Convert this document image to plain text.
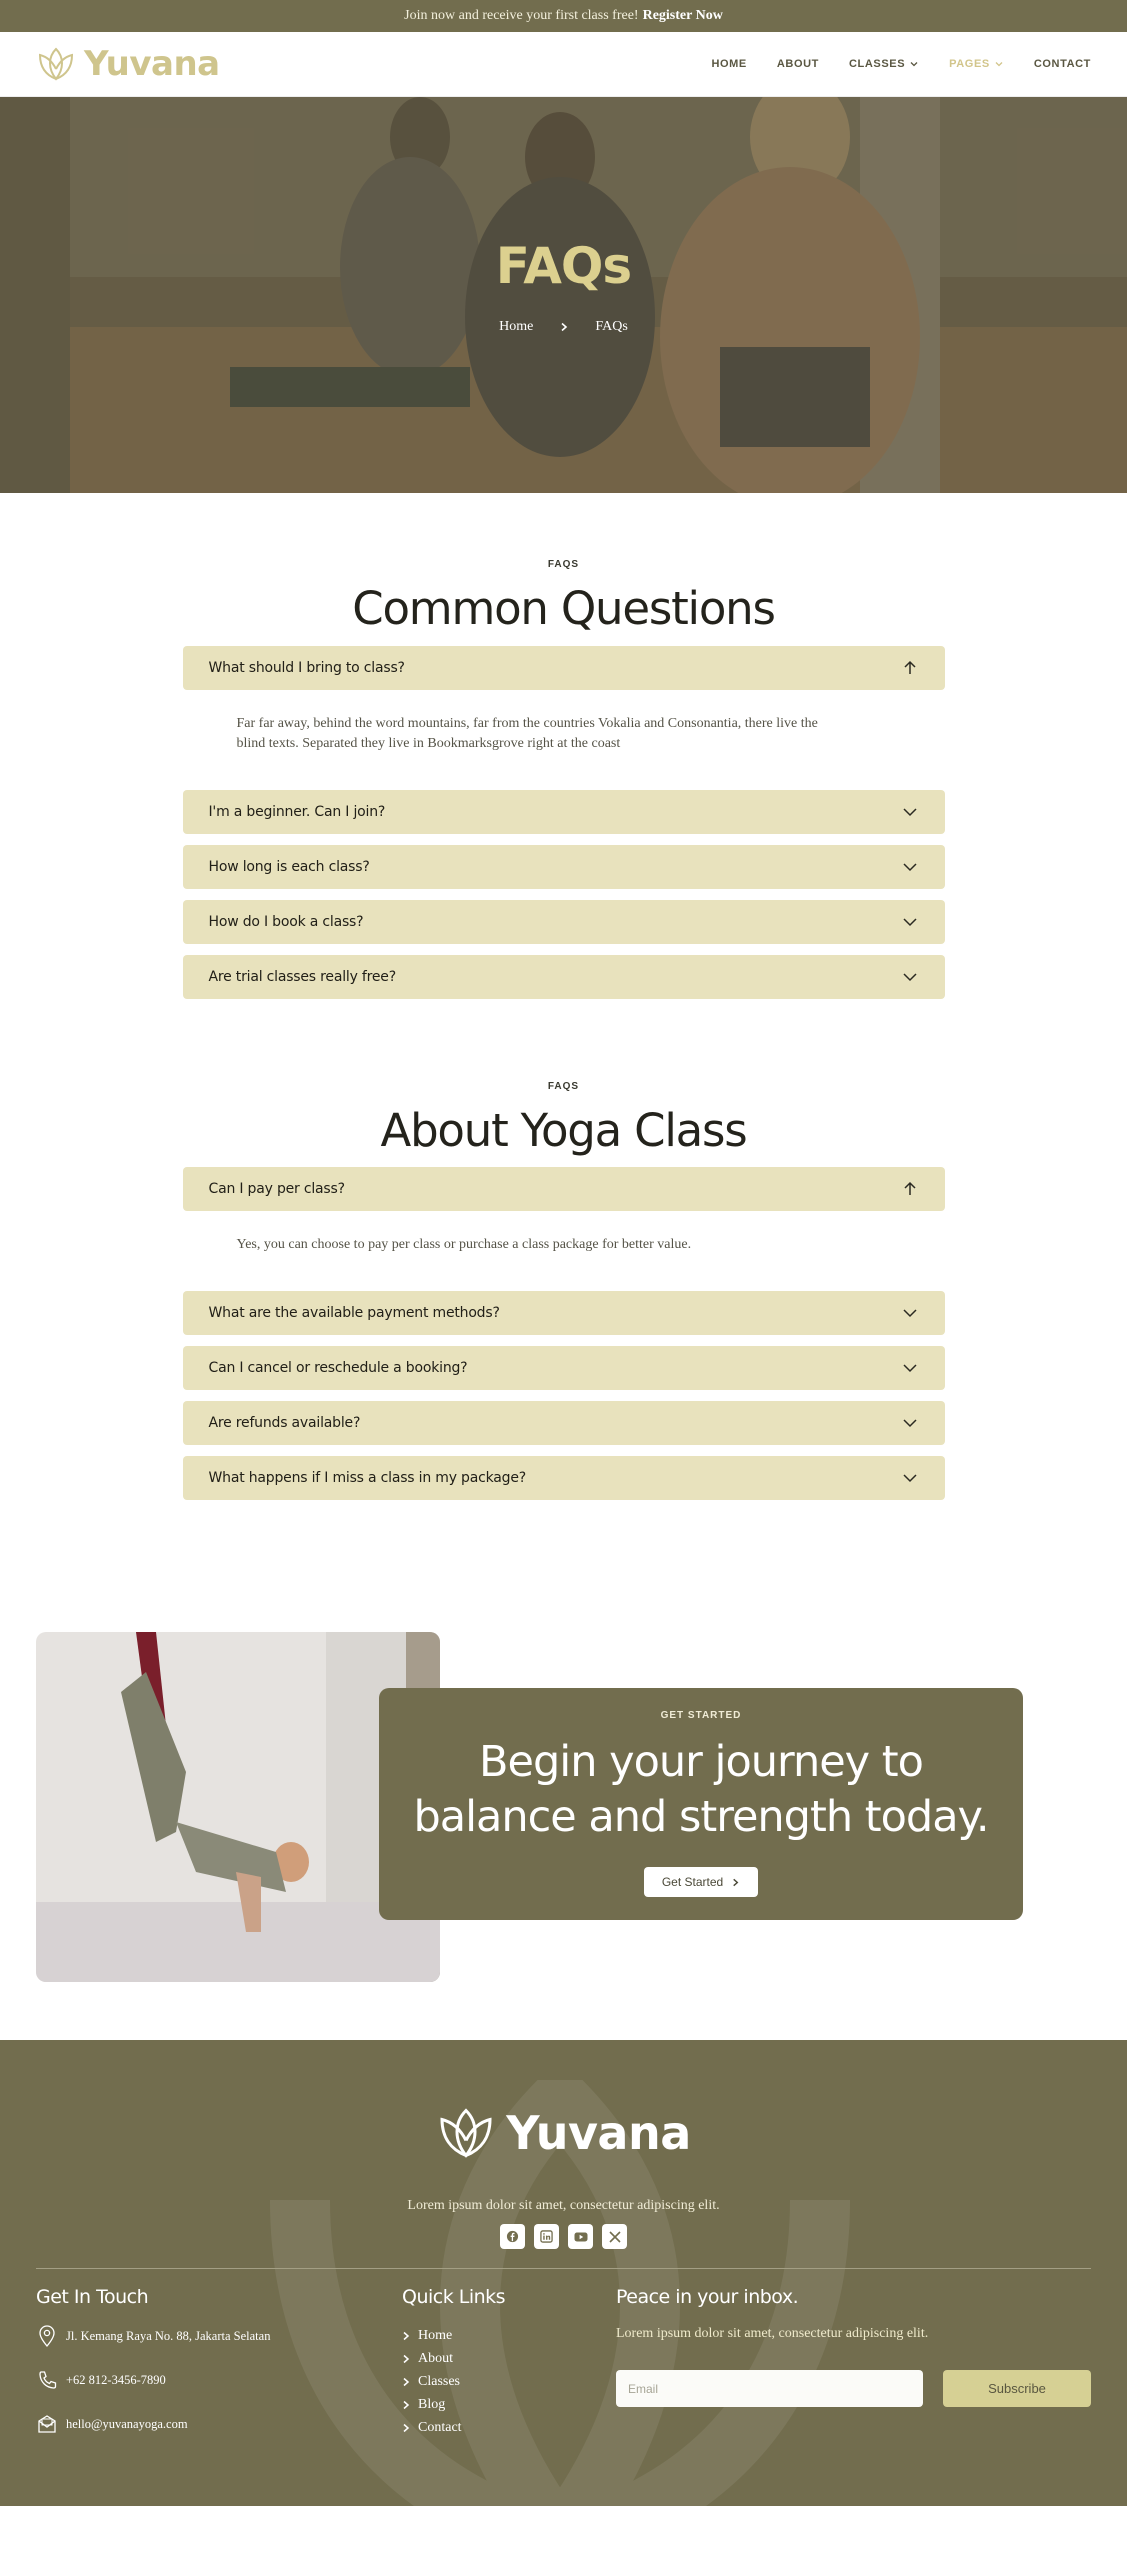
Join now and receive your first class free! Register Now
Yuvana	HOME	ABOUT	CLASSES	PAGES	CONTACT
FAQs
Home	FAQs
FAQS
Common Questions
What should I bring to class?
Far far away, behind the word mountains, far from the countries Vokalia and Consonantia, there live the blind texts. Separated they live in Bookmarksgrove right at the coast
I'm a beginner. Can I join?
How long is each class?
How do I book a class?
Are trial classes really free?
FAQS
About Yoga Class
Can I pay per class?
Yes, you can choose to pay per class or purchase a class package for better value.
What are the available payment methods?
Can I cancel or reschedule a booking?
Are refunds available?
What happens if I miss a class in my package?
GET STARTED
Begin your journey to
balance and strength today.
Get Started
Yuvana
Lorem ipsum dolor sit amet, consectetur adipiscing elit.
Get In Touch
Jl. Kemang Raya No. 88, Jakarta Selatan
+62 812-3456-7890
hello@yuvanayoga.com
Quick Links
Home
About
Classes
Blog
Contact
Peace in your inbox.
Lorem ipsum dolor sit amet, consectetur adipiscing elit.
Email
Subscribe
